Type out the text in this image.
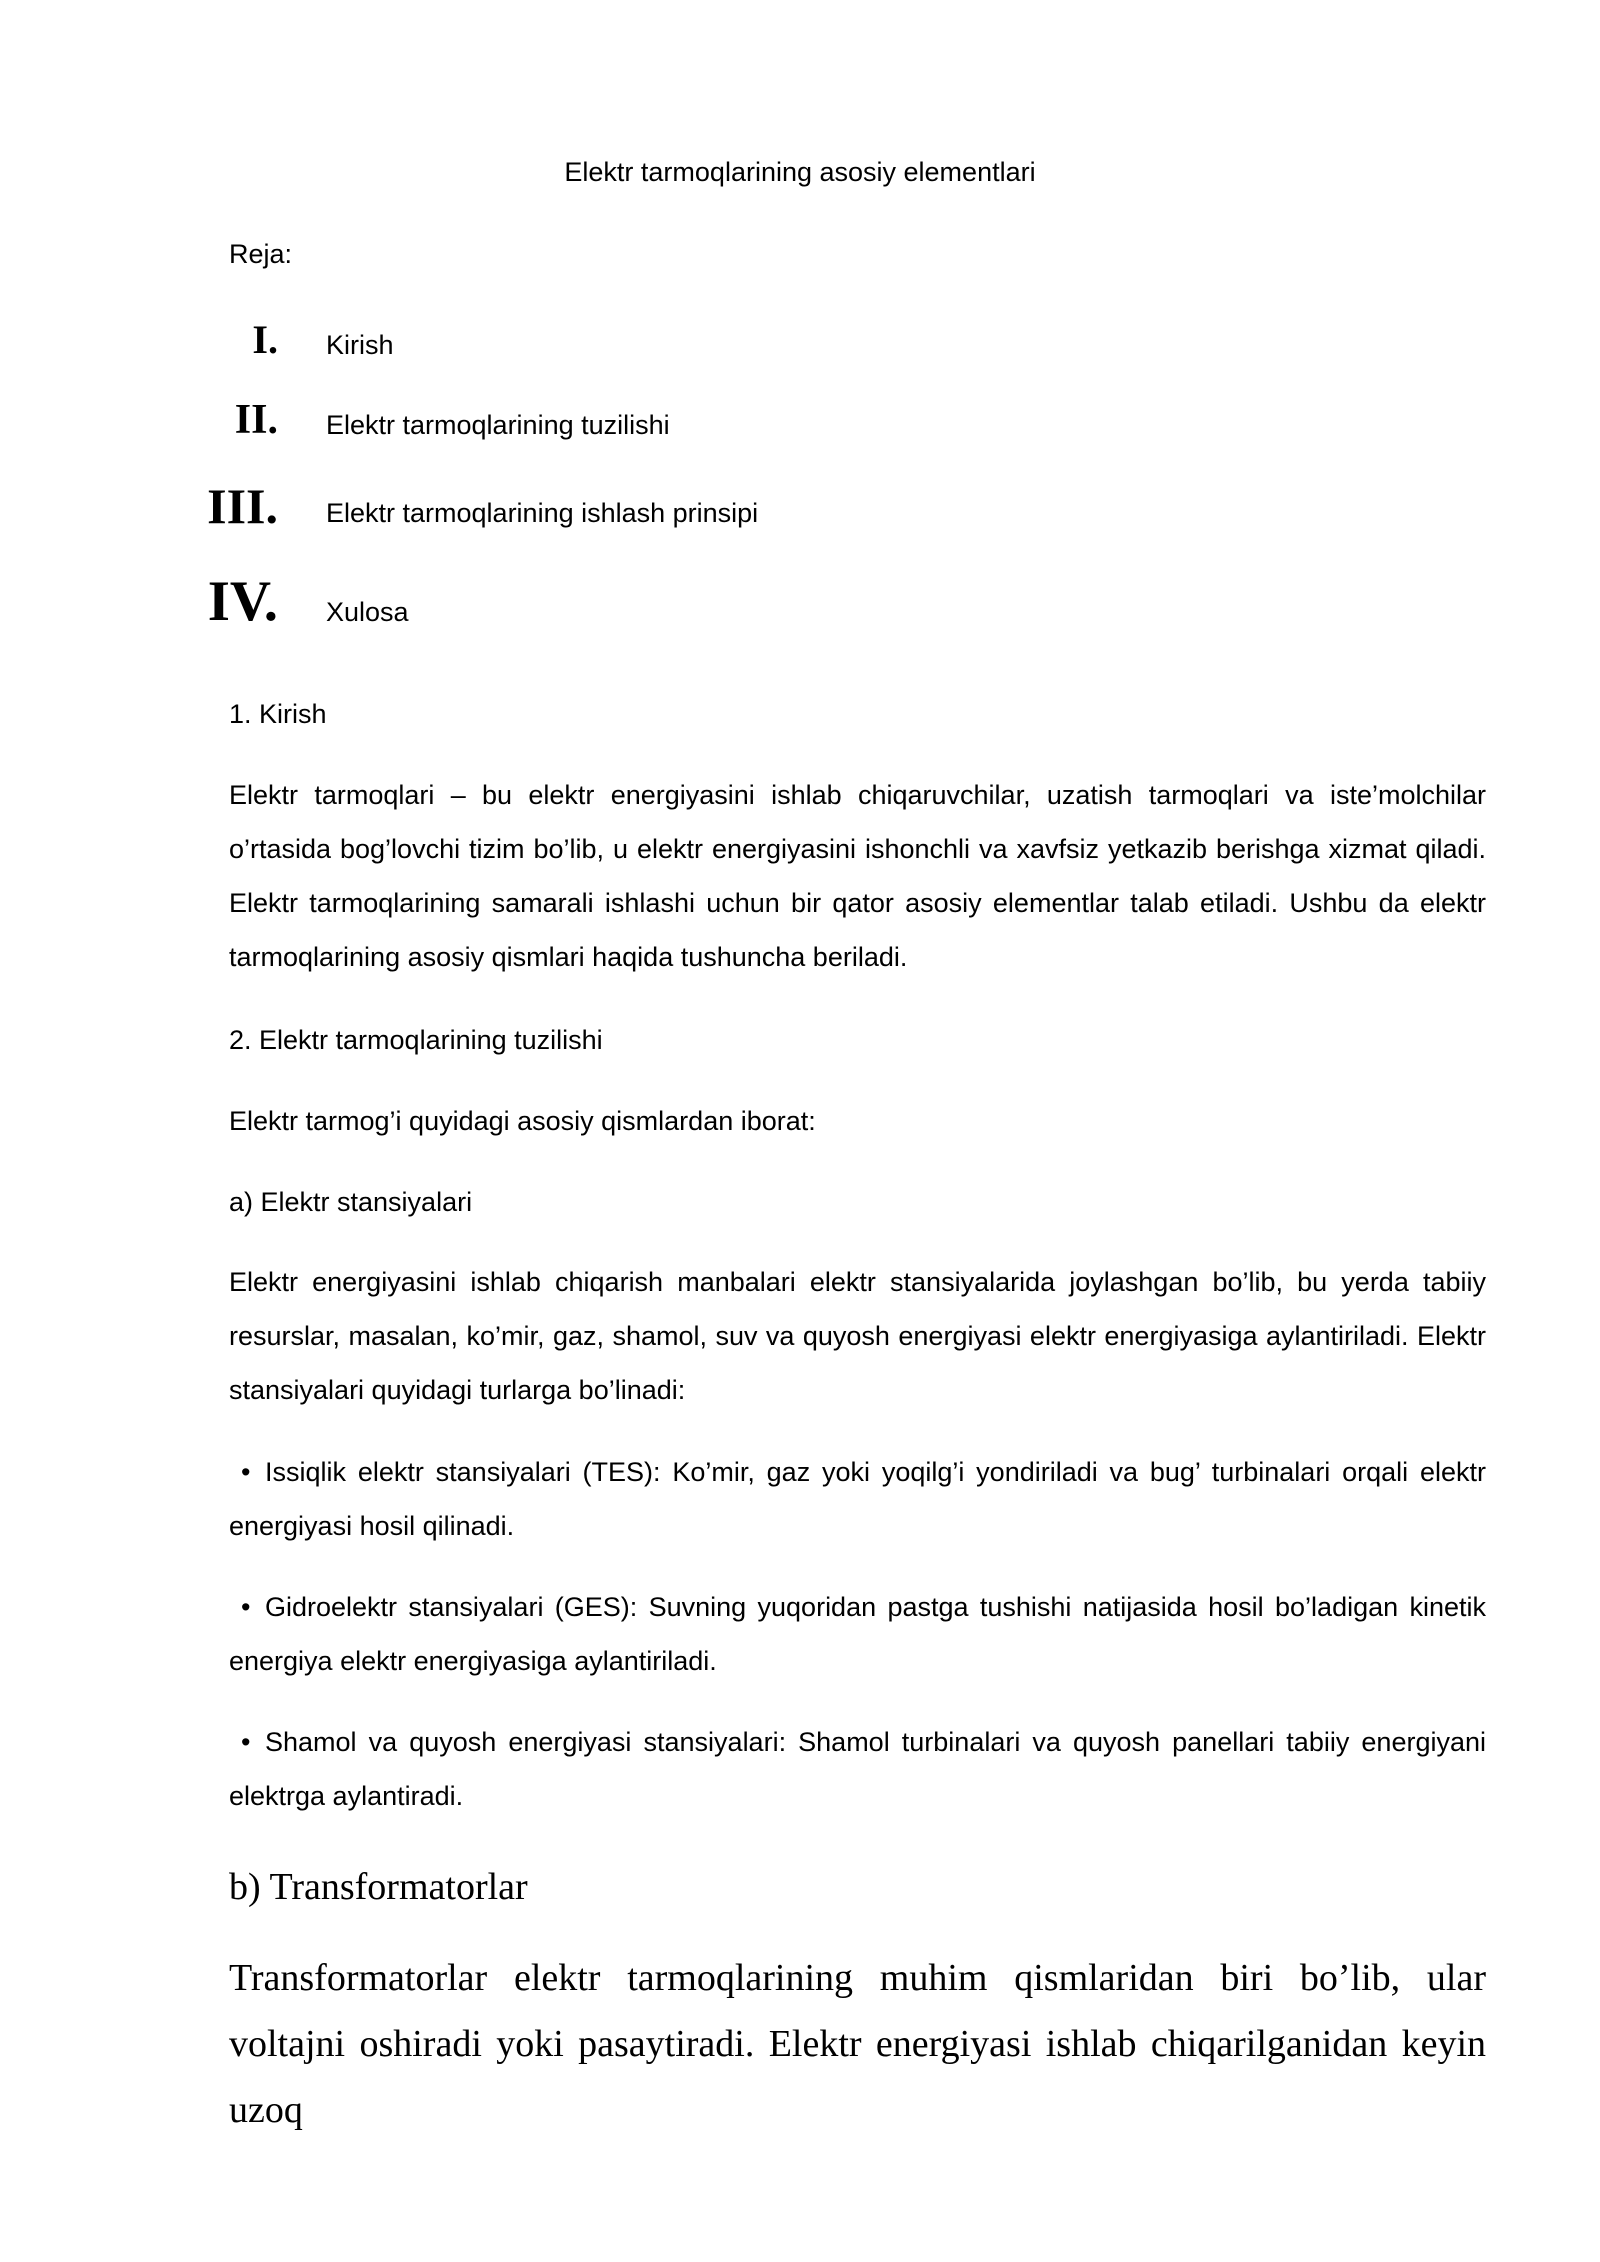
Elektr tarmoqlarining asosiy elementlari
Reja:
I. Kirish
II. Elektr tarmoqlarining tuzilishi
III. Elektr tarmoqlarining ishlash prinsipi
IV. Xulosa
1. Kirish
Elektr tarmoqlari – bu elektr energiyasini ishlab chiqaruvchilar, uzatish tarmoqlari va iste’molchilar o’rtasida bog’lovchi tizim bo’lib, u elektr energiyasini ishonchli va xavfsiz yetkazib berishga xizmat qiladi. Elektr tarmoqlarining samarali ishlashi uchun bir qator asosiy elementlar talab etiladi. Ushbu da elektr tarmoqlarining asosiy qismlari haqida tushuncha beriladi.
2. Elektr tarmoqlarining tuzilishi
Elektr tarmog’i quyidagi asosiy qismlardan iborat:
a) Elektr stansiyalari
Elektr energiyasini ishlab chiqarish manbalari elektr stansiyalarida joylashgan bo’lib, bu yerda tabiiy resurslar, masalan, ko’mir, gaz, shamol, suv va quyosh energiyasi elektr energiyasiga aylantiriladi. Elektr stansiyalari quyidagi turlarga bo’linadi:
• Issiqlik elektr stansiyalari (TES): Ko’mir, gaz yoki yoqilg’i yondiriladi va bug’ turbinalari orqali elektr energiyasi hosil qilinadi.
• Gidroelektr stansiyalari (GES): Suvning yuqoridan pastga tushishi natijasida hosil bo’ladigan kinetik energiya elektr energiyasiga aylantiriladi.
• Shamol va quyosh energiyasi stansiyalari: Shamol turbinalari va quyosh panellari tabiiy energiyani elektrga aylantiradi.
b) Transformatorlar
Transformatorlar elektr tarmoqlarining muhim qismlaridan biri bo’lib, ular voltajni oshiradi yoki pasaytiradi. Elektr energiyasi ishlab chiqarilganidan keyin uzoq
